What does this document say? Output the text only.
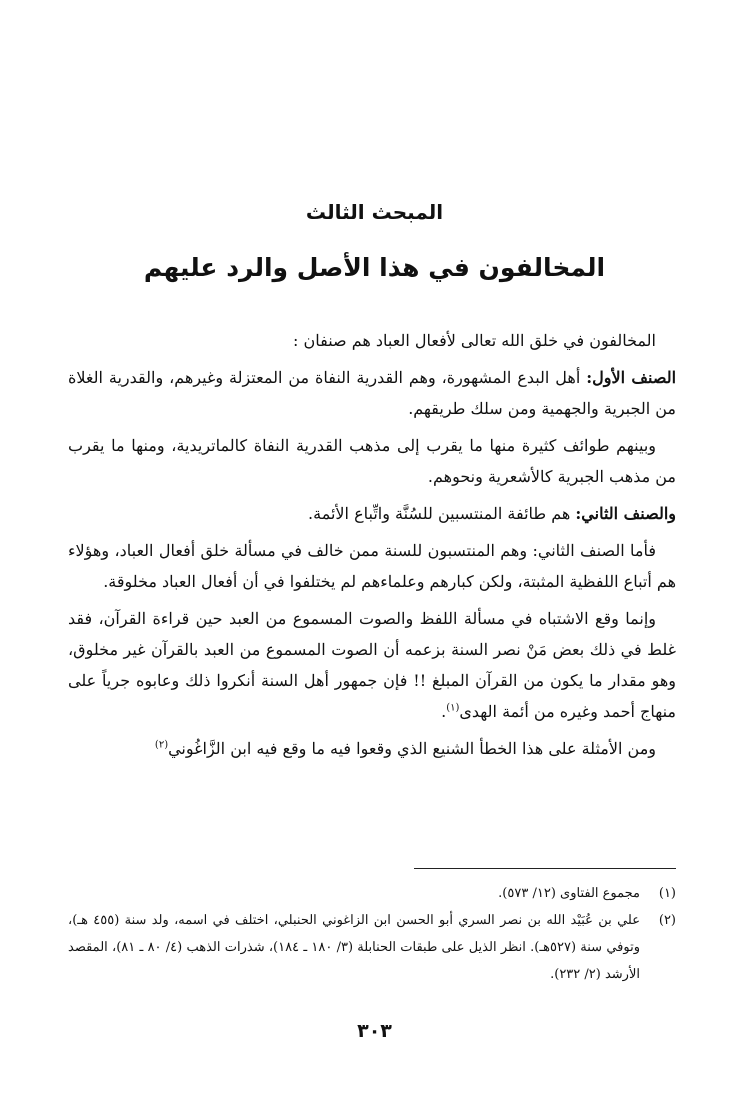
المبحث الثالث
المخالفون في هذا الأصل والرد عليهم

المخالفون في خلق الله تعالى لأفعال العباد هم صنفان :

الصنف الأول: أهل البدع المشهورة، وهم القدرية النفاة من المعتزلة وغيرهم، والقدرية الغلاة من الجبرية والجهمية ومن سلك طريقهم.

وبينهم طوائف كثيرة منها ما يقرب إلى مذهب القدرية النفاة كالماتريدية، ومنها ما يقرب من مذهب الجبرية كالأشعرية ونحوهم.

والصنف الثاني: هم طائفة المنتسبين للسُنَّة واتِّباع الأئمة.

فأما الصنف الثاني: وهم المنتسبون للسنة ممن خالف في مسألة خلق أفعال العباد، وهؤلاء هم أتباع اللفظية المثبتة، ولكن كبارهم وعلماءهم لم يختلفوا في أن أفعال العباد مخلوقة.

وإنما وقع الاشتباه في مسألة اللفظ والصوت المسموع من العبد حين قراءة القرآن، فقد غلط في ذلك بعض مَنْ نصر السنة بزعمه أن الصوت المسموع من العبد بالقرآن غير مخلوق، وهو مقدار ما يكون من القرآن المبلغ !! فإن جمهور أهل السنة أنكروا ذلك وعابوه جرياً على منهاج أحمد وغيره من أئمة الهدى$^{(١)}$.

ومن الأمثلة على هذا الخطأ الشنيع الذي وقعوا فيه ما وقع فيه ابن الزَّاغُوني$^{(٢)}$

(١)
مجموع الفتاوى (١٢/ ٥٧٣).
(٢)
علي بن عُبَيْد الله بن نصر السري أبو الحسن ابن الزاغوني الحنبلي، اختلف في اسمه، ولد سنة (٤٥٥ هـ)، وتوفي سنة (٥٢٧هـ). انظر الذيل على طبقات الحنابلة (٣/ ١٨٠ ـ ١٨٤)، شذرات الذهب (٤/ ٨٠ ـ ٨١)، المقصد الأرشد (٢/ ٢٣٢).
٣٠٣
